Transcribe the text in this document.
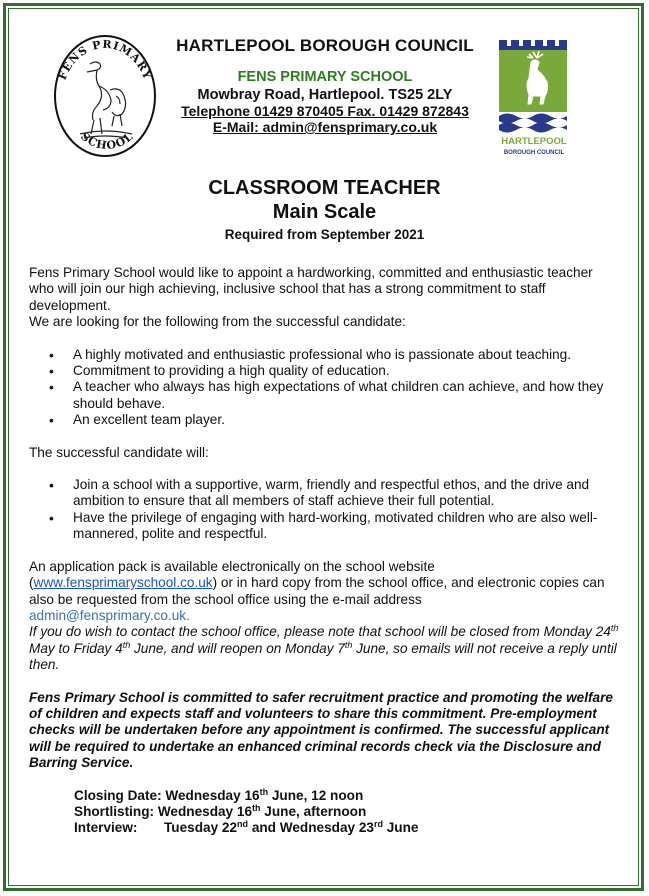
FENS PRIMARY
SCHOOL
HARTLEPOOL BOROUGH COUNCIL
FENS PRIMARY SCHOOL
Mowbray Road, Hartlepool. TS25 2LY
Telephone 01429 870405 Fax. 01429 872843
E-Mail: admin@fensprimary.co.uk
HARTLEPOOL
BOROUGH COUNCIL
CLASSROOM TEACHER
Main Scale
Required from September 2021

Fens Primary School would like to appoint a hardworking, committed and enthusiastic teacher who will join our high achieving, inclusive school that has a strong commitment to staff development.

We are looking for the following from the successful candidate:

• A highly motivated and enthusiastic professional who is passionate about teaching.
• Commitment to providing a high quality of education.
• A teacher who always has high expectations of what children can achieve, and how they should behave.
• An excellent team player.

The successful candidate will:

• Join a school with a supportive, warm, friendly and respectful ethos, and the drive and ambition to ensure that all members of staff achieve their full potential.
• Have the privilege of engaging with hard-working, motivated children who are also well-mannered, polite and respectful.

An application pack is available electronically on the school website (www.fensprimaryschool.co.uk) or in hard copy from the school office, and electronic copies can also be requested from the school office using the e-mail address

admin@fensprimary.co.uk.

If you do wish to contact the school office, please note that school will be closed from Monday 24th May to Friday 4th June, and will reopen on Monday 7th June, so emails will not receive a reply until then.

Fens Primary School is committed to safer recruitment practice and promoting the welfare of children and expects staff and volunteers to share this commitment. Pre-employment checks will be undertaken before any appointment is confirmed. The successful applicant will be required to undertake an enhanced criminal records check via the Disclosure and Barring Service.

Closing Date: Wednesday 16th June, 12 noon
Shortlisting: Wednesday 16th June, afternoon
Interview:	Tuesday 22nd and Wednesday 23rd June
